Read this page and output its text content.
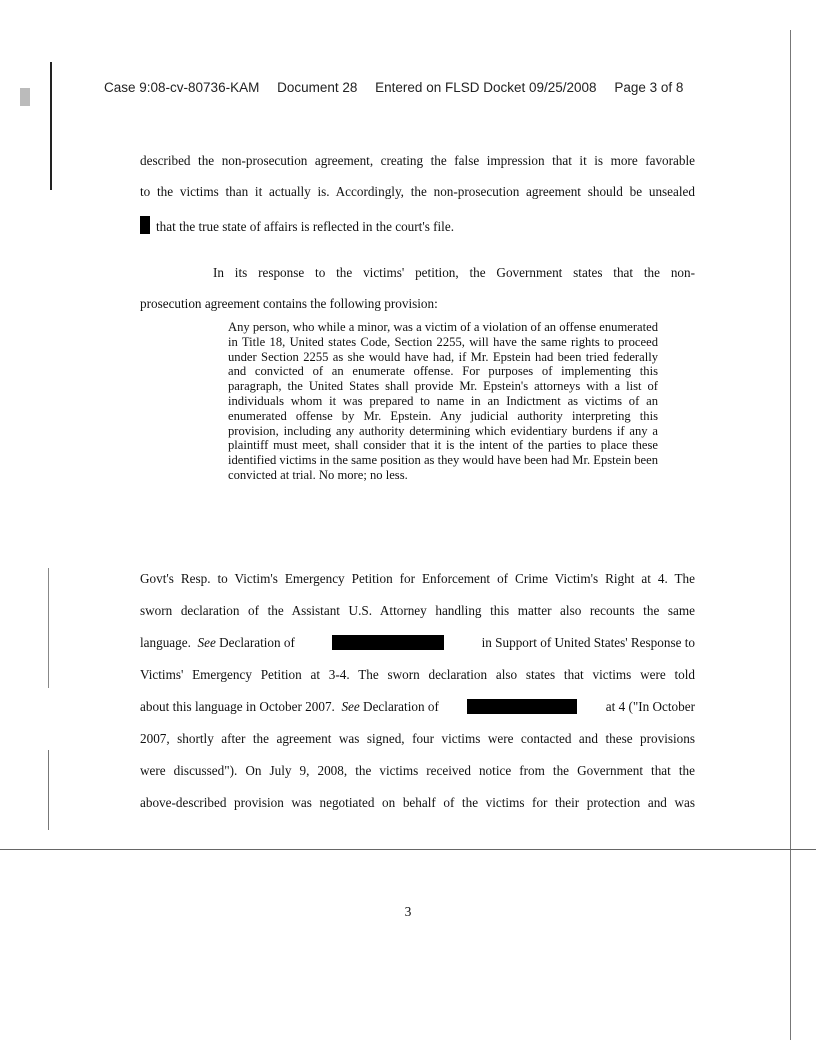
Case 9:08-cv-80736-KAM Document 28 Entered on FLSD Docket 09/25/2008 Page 3 of 8
described the non-prosecution agreement, creating the false impression that it is more favorable
to the victims than it actually is. Accordingly, the non-prosecution agreement should be unsealed
that the true state of affairs is reflected in the court's file.
In its response to the victims' petition, the Government states that the non-
prosecution agreement contains the following provision:
Any person, who while a minor, was a victim of a violation of an offense enumerated in Title 18, United states Code, Section 2255, will have the same rights to proceed under Section 2255 as she would have had, if Mr. Epstein had been tried federally and convicted of an enumerate offense. For purposes of implementing this paragraph, the United States shall provide Mr. Epstein's attorneys with a list of individuals whom it was prepared to name in an Indictment as victims of an enumerated offense by Mr. Epstein. Any judicial authority interpreting this provision, including any authority determining which evidentiary burdens if any a plaintiff must meet, shall consider that it is the intent of the parties to place these identified victims in the same position as they would have been had Mr. Epstein been convicted at trial. No more; no less.
Govt's Resp. to Victim's Emergency Petition for Enforcement of Crime Victim's Right at 4. The
sworn declaration of the Assistant U.S. Attorney handling this matter also recounts the same
language. See Declaration of	in Support of United States' Response to
Victims' Emergency Petition at 3-4. The sworn declaration also states that victims were told
about this language in October 2007. See Declaration of	at 4 ("In October
2007, shortly after the agreement was signed, four victims were contacted and these provisions
were discussed"). On July 9, 2008, the victims received notice from the Government that the
above-described provision was negotiated on behalf of the victims for their protection and was
3
